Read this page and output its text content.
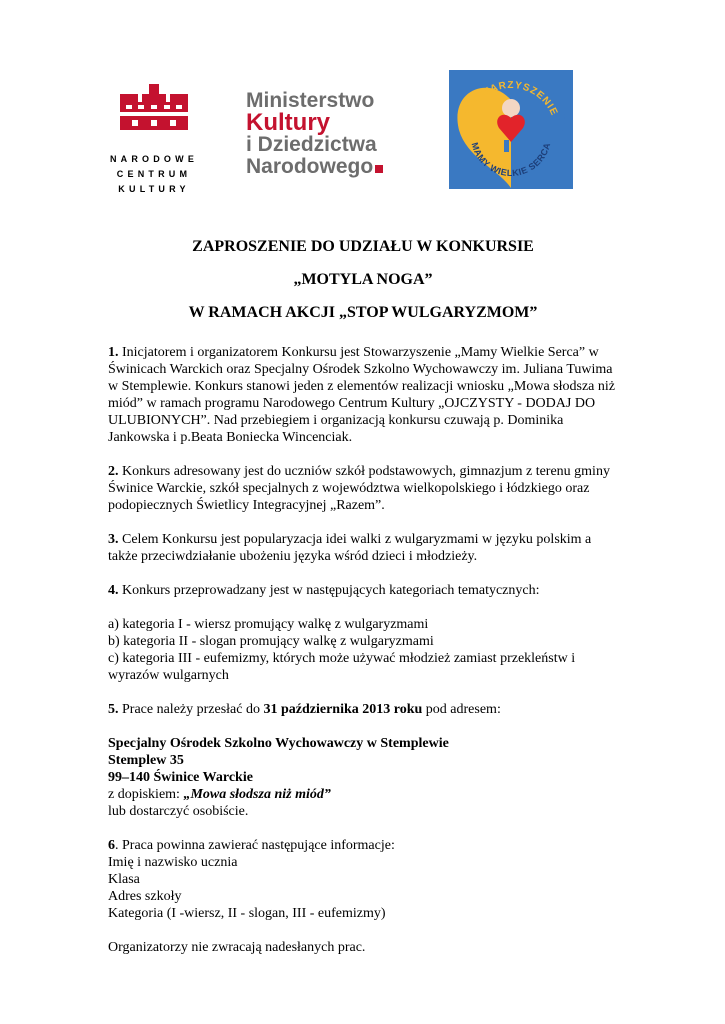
NARODOWE
CENTRUM
KULTURY
Ministerstwo
Kultury
i Dziedzictwa
Narodowego
STOWARZYSZENIE
MAMY WIELKIE SERCA
ZAPROSZENIE DO UDZIAŁU W KONKURSIE
„MOTYLA NOGA”
W RAMACH AKCJI „STOP WULGARYZMOM”

1. Inicjatorem i organizatorem Konkursu jest Stowarzyszenie „Mamy Wielkie Serca” w Świnicach Warckich oraz Specjalny Ośrodek Szkolno Wychowawczy im. Juliana Tuwima w Stemplewie. Konkurs stanowi jeden z elementów realizacji wniosku „Mowa słodsza niż miód” w ramach programu Narodowego Centrum Kultury „OJCZYSTY - DODAJ DO ULUBIONYCH”. Nad przebiegiem i organizacją konkursu czuwają p. Dominika Jankowska i p.Beata Boniecka Wincenciak.

2. Konkurs adresowany jest do uczniów szkół podstawowych, gimnazjum z terenu gminy Świnice Warckie, szkół specjalnych z województwa wielkopolskiego i łódzkiego oraz podopiecznych Świetlicy Integracyjnej „Razem”.

3. Celem Konkursu jest popularyzacja idei walki z wulgaryzmami w języku polskim a także przeciwdziałanie ubożeniu języka wśród dzieci i młodzieży.

4. Konkurs przeprowadzany jest w następujących kategoriach tematycznych:

a) kategoria I - wiersz promujący walkę z wulgaryzmami
b) kategoria II - slogan promujący walkę z wulgaryzmami
c) kategoria III - eufemizmy, których może używać młodzież zamiast przekleństw i wyrazów wulgarnych

5. Prace należy przesłać do 31 października 2013 roku pod adresem:

Specjalny Ośrodek Szkolno Wychowawczy w Stemplewie
Stemplew 35
99–140 Świnice Warckie
z dopiskiem: „Mowa słodsza niż miód”
lub dostarczyć osobiście.

6. Praca powinna zawierać następujące informacje:

Imię i nazwisko ucznia
Klasa
Adres szkoły
Kategoria (I -wiersz, II - slogan, III - eufemizmy)

Organizatorzy nie zwracają nadesłanych prac.
